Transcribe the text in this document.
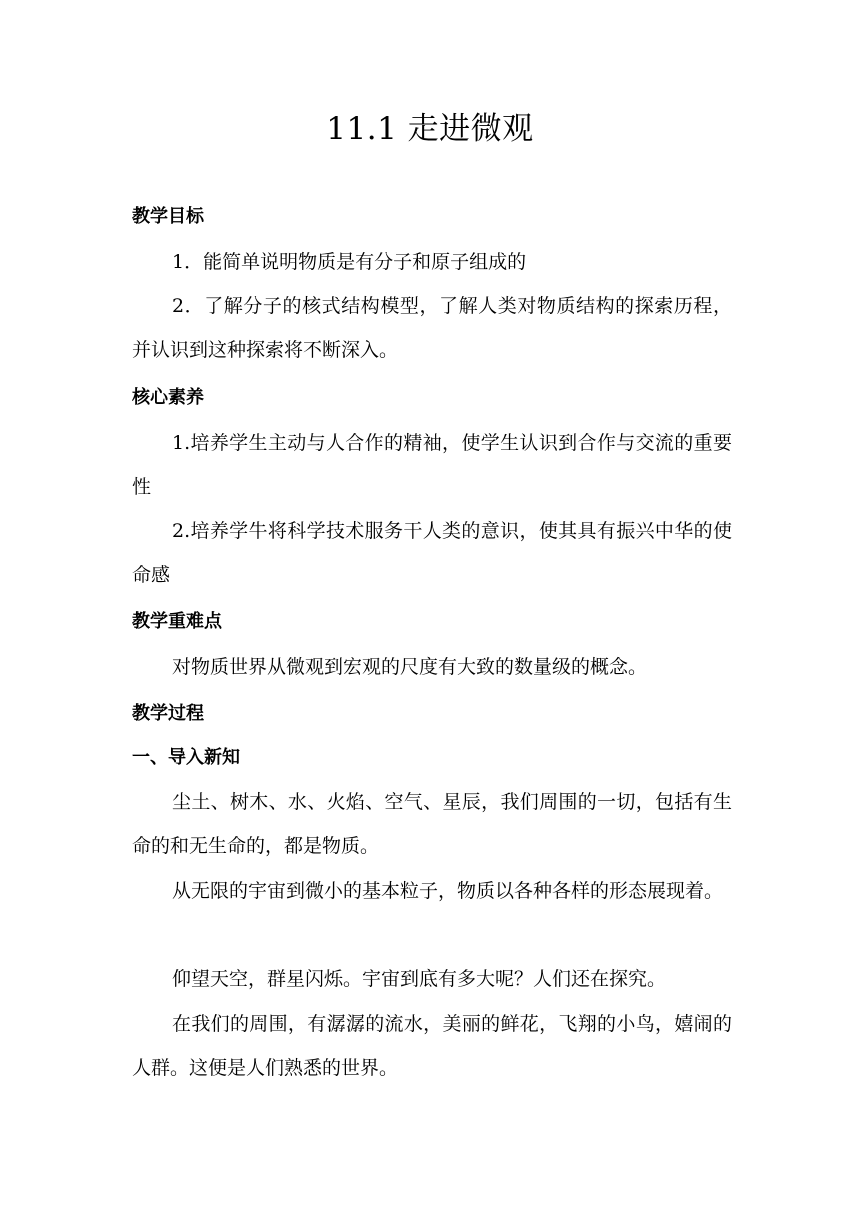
11.1 走进微观
教学目标

1．能简单说明物质是有分子和原子组成的

2．了解分子的核式结构模型，了解人类对物质结构的探索历程，并认识到这种探索将不断深入。

核心素养

1.培养学生主动与人合作的精袖，使学生认识到合作与交流的重要性

2.培养学牛将科学技术服务干人类的意识，使其具有振兴中华的使命感

教学重难点

对物质世界从微观到宏观的尺度有大致的数量级的概念。

教学过程
一、导入新知

尘土、树木、水、火焰、空气、星辰，我们周围的一切，包括有生命的和无生命的，都是物质。

从无限的宇宙到微小的基本粒子，物质以各种各样的形态展现着。

仰望天空，群星闪烁。宇宙到底有多大呢？人们还在探究。

在我们的周围，有潺潺的流水，美丽的鲜花，飞翔的小鸟，嬉闹的人群。这便是人们熟悉的世界。
